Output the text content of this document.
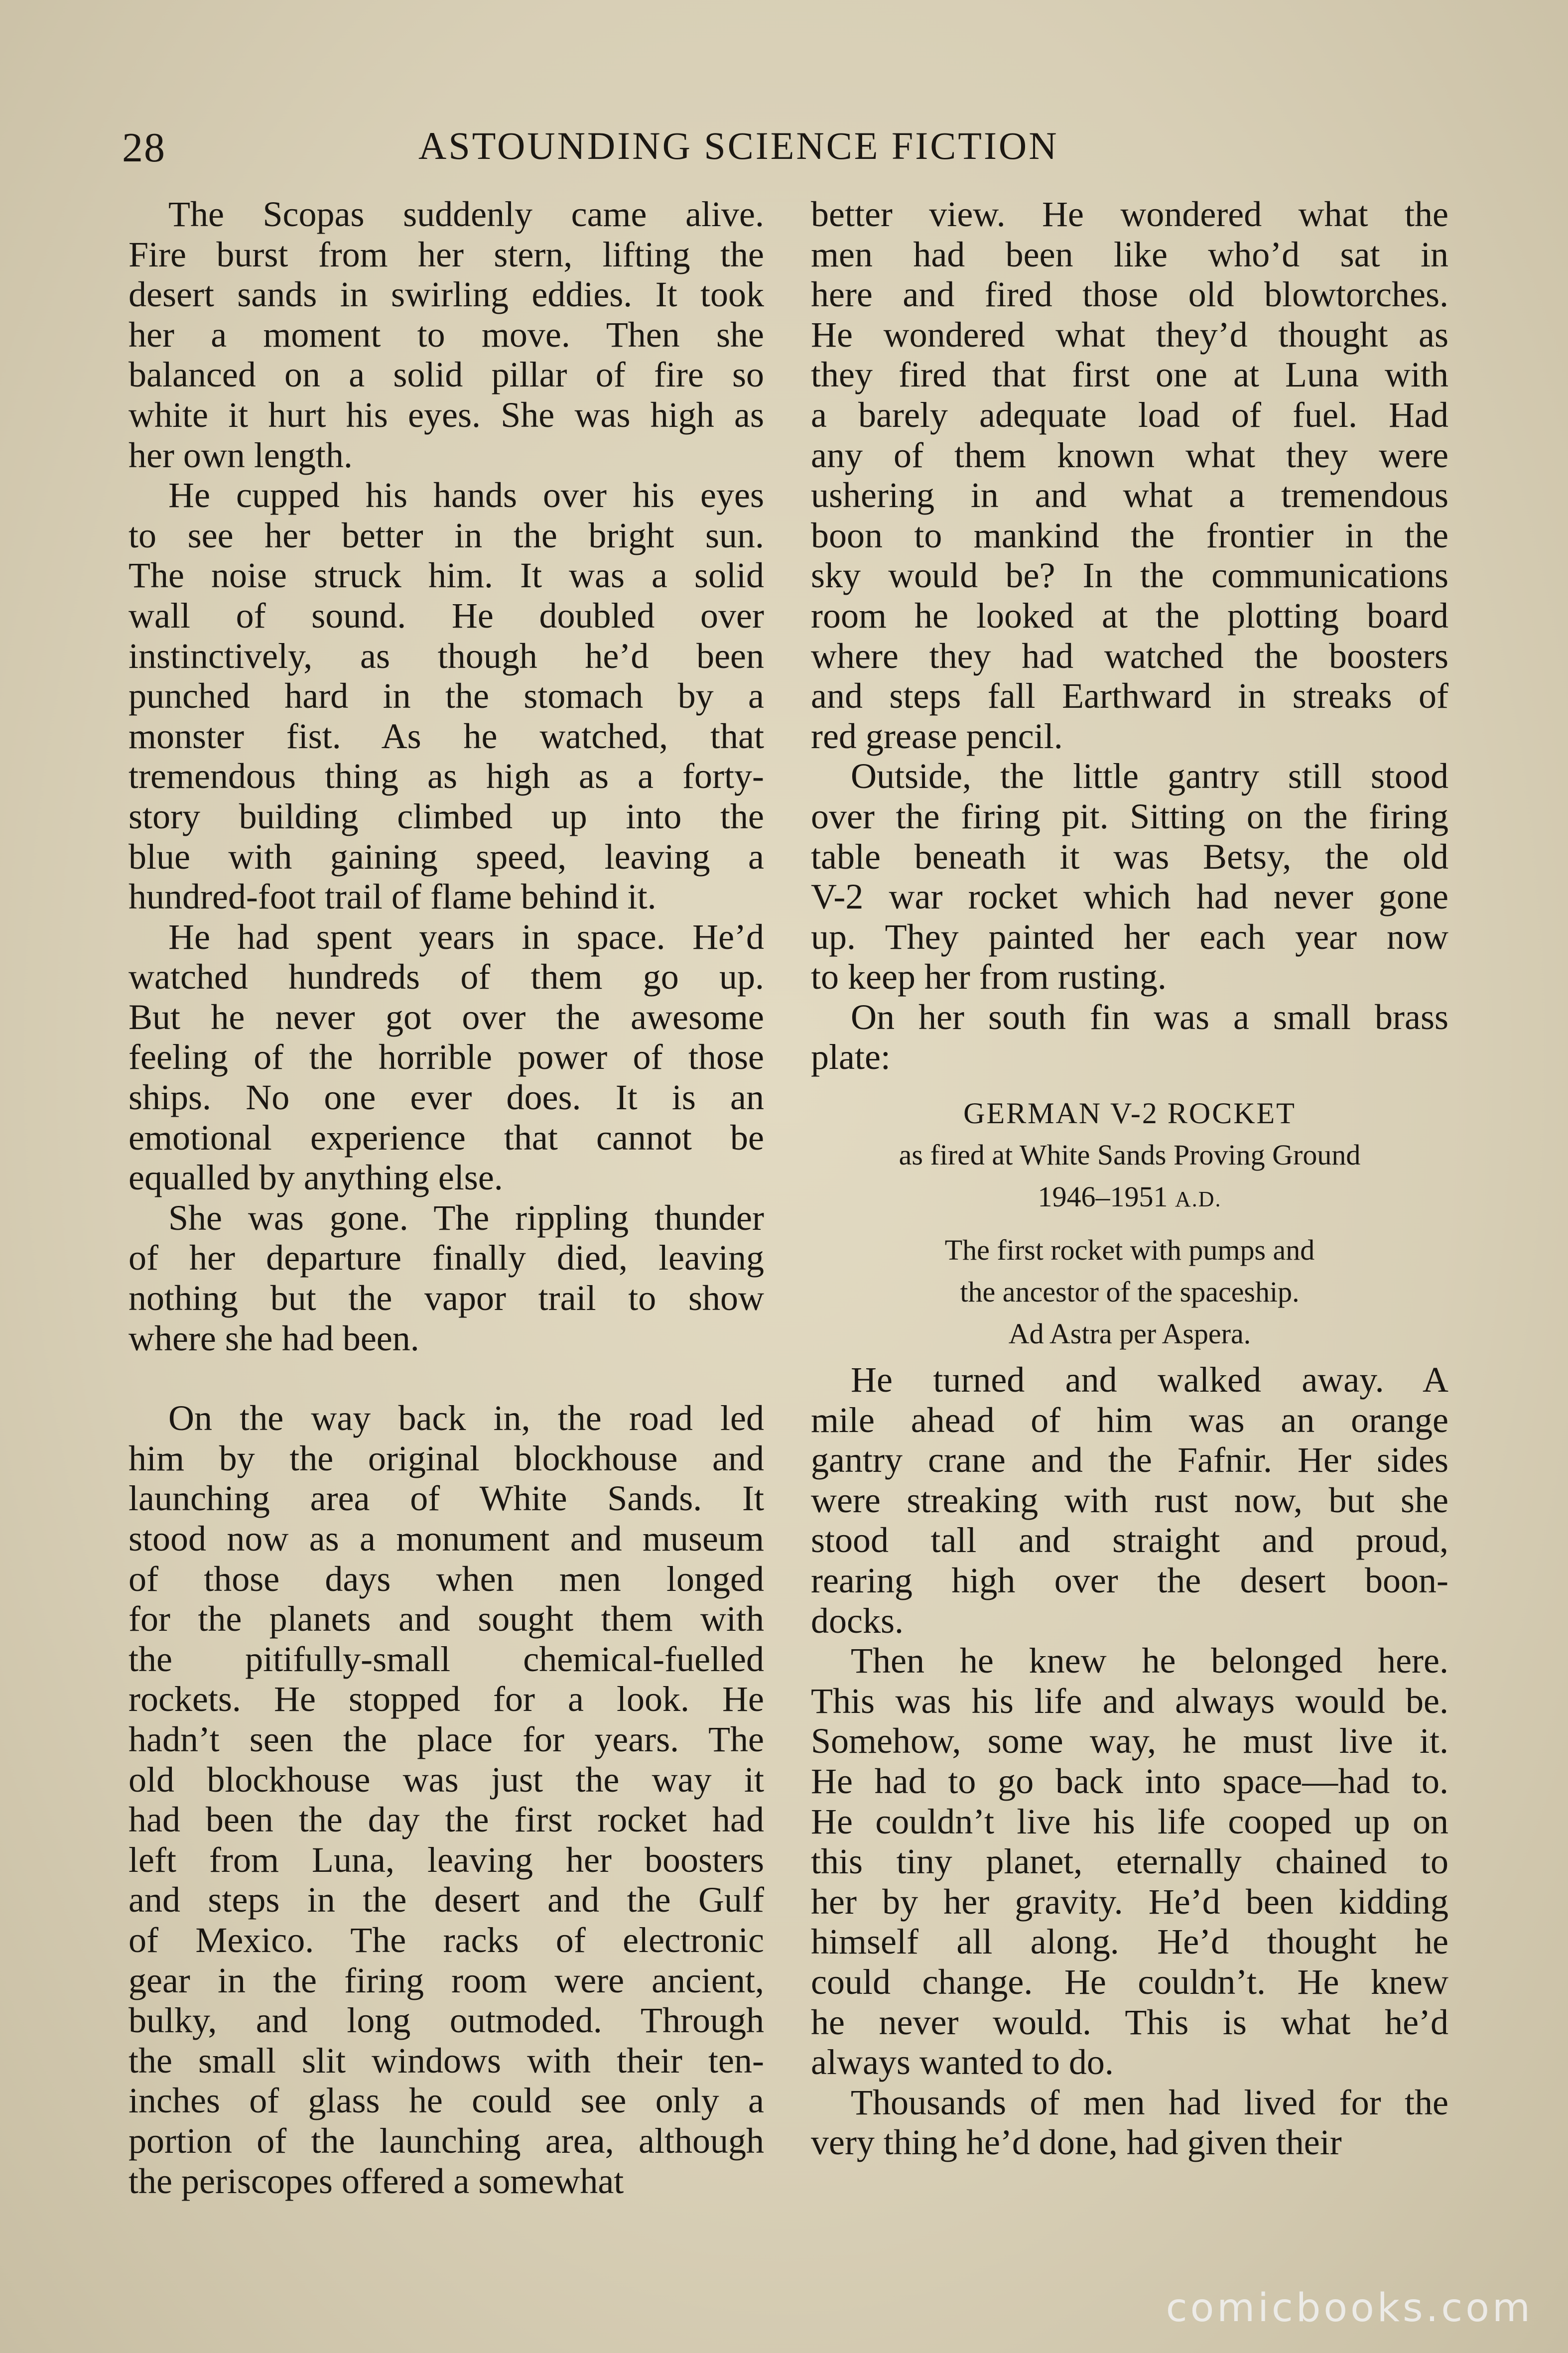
28	ASTOUNDING SCIENCE FICTION
The Scopas suddenly came alive.
Fire burst from her stern, lifting the
desert sands in swirling eddies. It took
her a moment to move. Then she
balanced on a solid pillar of fire so
white it hurt his eyes. She was high as
her own length.
He cupped his hands over his eyes
to see her better in the bright sun.
The noise struck him. It was a solid
wall of sound. He doubled over
instinctively, as though he’d been
punched hard in the stomach by a
monster fist. As he watched, that
tremendous thing as high as a forty-
story building climbed up into the
blue with gaining speed, leaving a
hundred-foot trail of flame behind it.
He had spent years in space. He’d
watched hundreds of them go up.
But he never got over the awesome
feeling of the horrible power of those
ships. No one ever does. It is an
emotional experience that cannot be
equalled by anything else.
She was gone. The rippling thunder
of her departure finally died, leaving
nothing but the vapor trail to show
where she had been.
On the way back in, the road led
him by the original blockhouse and
launching area of White Sands. It
stood now as a monument and museum
of those days when men longed
for the planets and sought them with
the pitifully-small chemical-fuelled
rockets. He stopped for a look. He
hadn’t seen the place for years. The
old blockhouse was just the way it
had been the day the first rocket had
left from Luna, leaving her boosters
and steps in the desert and the Gulf
of Mexico. The racks of electronic
gear in the firing room were ancient,
bulky, and long outmoded. Through
the small slit windows with their ten-
inches of glass he could see only a
portion of the launching area, although
the periscopes offered a somewhat
better view. He wondered what the
men had been like who’d sat in
here and fired those old blowtorches.
He wondered what they’d thought as
they fired that first one at Luna with
a barely adequate load of fuel. Had
any of them known what they were
ushering in and what a tremendous
boon to mankind the frontier in the
sky would be? In the communications
room he looked at the plotting board
where they had watched the boosters
and steps fall Earthward in streaks of
red grease pencil.
Outside, the little gantry still stood
over the firing pit. Sitting on the firing
table beneath it was Betsy, the old
V-2 war rocket which had never gone
up. They painted her each year now
to keep her from rusting.
On her south fin was a small brass
plate:
GERMAN V-2 ROCKET
as fired at White Sands Proving Ground
1946–1951 A.D.
The first rocket with pumps and
the ancestor of the spaceship.
Ad Astra per Aspera.
He turned and walked away. A
mile ahead of him was an orange
gantry crane and the Fafnir. Her sides
were streaking with rust now, but she
stood tall and straight and proud,
rearing high over the desert boon-
docks.
Then he knew he belonged here.
This was his life and always would be.
Somehow, some way, he must live it.
He had to go back into space—had to.
He couldn’t live his life cooped up on
this tiny planet, eternally chained to
her by her gravity. He’d been kidding
himself all along. He’d thought he
could change. He couldn’t. He knew
he never would. This is what he’d
always wanted to do.
Thousands of men had lived for the
very thing he’d done, had given their
comicbooks.com
